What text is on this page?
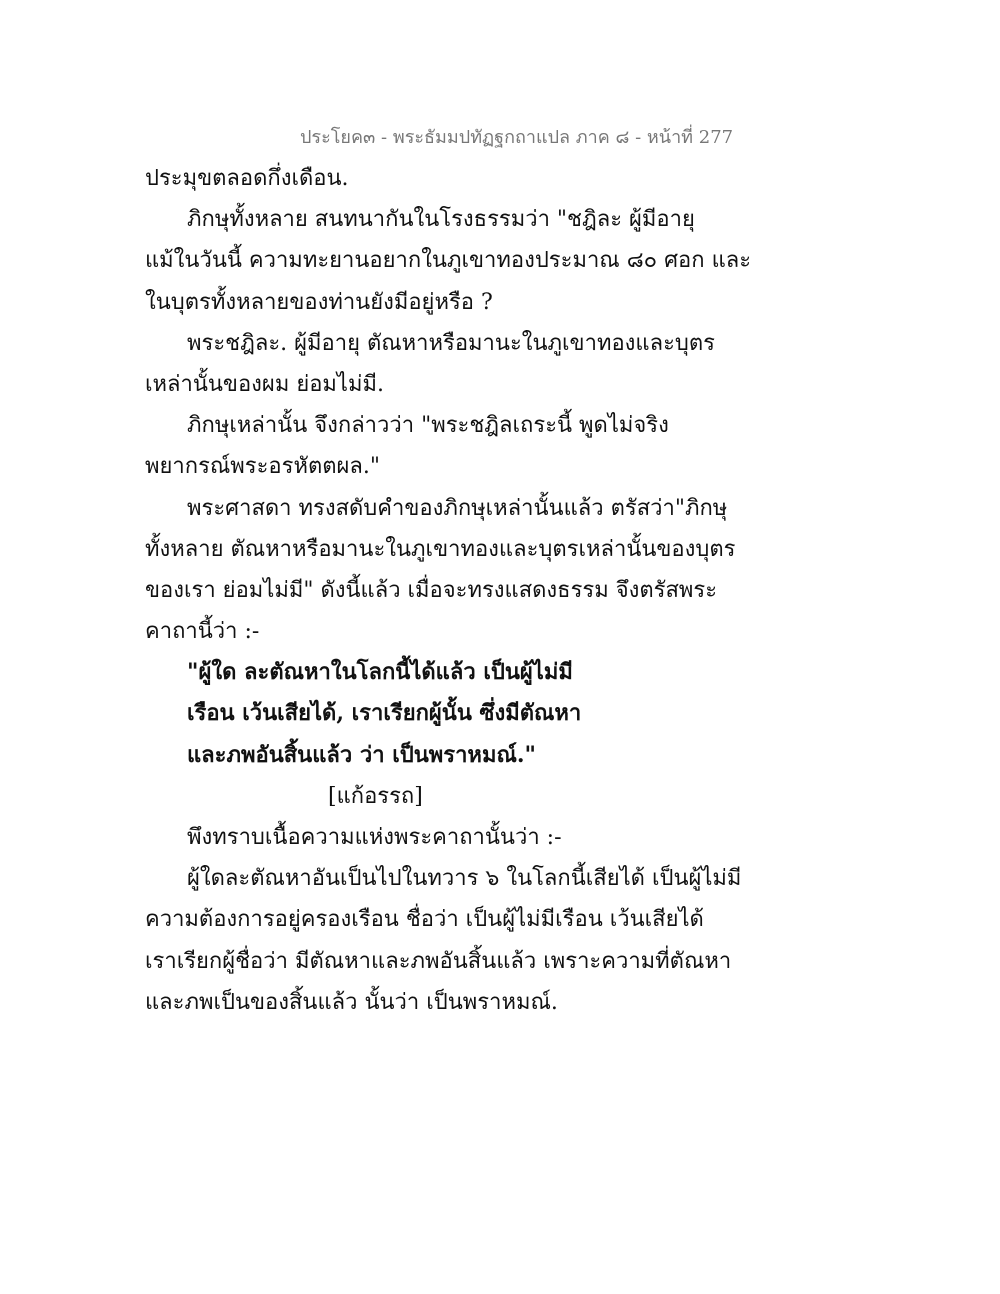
ประโยค๓ - พระธัมมปทัฏฐกถาแปล ภาค ๘ - หน้าที่ 277
ประมุขตลอดกึ่งเดือน.
ภิกษุทั้งหลาย สนทนากันในโรงธรรมว่า "ชฎิละ ผู้มีอายุ
แม้ในวันนี้ ความทะยานอยากในภูเขาทองประมาณ ๘๐ ศอก และ
ในบุตรทั้งหลายของท่านยังมีอยู่หรือ ?
พระชฎิละ. ผู้มีอายุ ตัณหาหรือมานะในภูเขาทองและบุตร
เหล่านั้นของผม ย่อมไม่มี.
ภิกษุเหล่านั้น จึงกล่าวว่า "พระชฎิลเถระนี้ พูดไม่จริง
พยากรณ์พระอรหัตตผล."
พระศาสดา ทรงสดับคำของภิกษุเหล่านั้นแล้ว ตรัสว่า"ภิกษุ
ทั้งหลาย ตัณหาหรือมานะในภูเขาทองและบุตรเหล่านั้นของบุตร
ของเรา ย่อมไม่มี" ดังนี้แล้ว เมื่อจะทรงแสดงธรรม จึงตรัสพระ
คาถานี้ว่า :-
"ผู้ใด ละตัณหาในโลกนี้ได้แล้ว เป็นผู้ไม่มี
เรือน เว้นเสียได้, เราเรียกผู้นั้น ซึ่งมีตัณหา
และภพอันสิ้นแล้ว ว่า เป็นพราหมณ์."
[แก้อรรถ]
พึงทราบเนื้อความแห่งพระคาถานั้นว่า :-
ผู้ใดละตัณหาอันเป็นไปในทวาร ๖ ในโลกนี้เสียได้ เป็นผู้ไม่มี
ความต้องการอยู่ครองเรือน ชื่อว่า เป็นผู้ไม่มีเรือน เว้นเสียได้
เราเรียกผู้ชื่อว่า มีตัณหาและภพอันสิ้นแล้ว เพราะความที่ตัณหา
และภพเป็นของสิ้นแล้ว นั้นว่า เป็นพราหมณ์.
